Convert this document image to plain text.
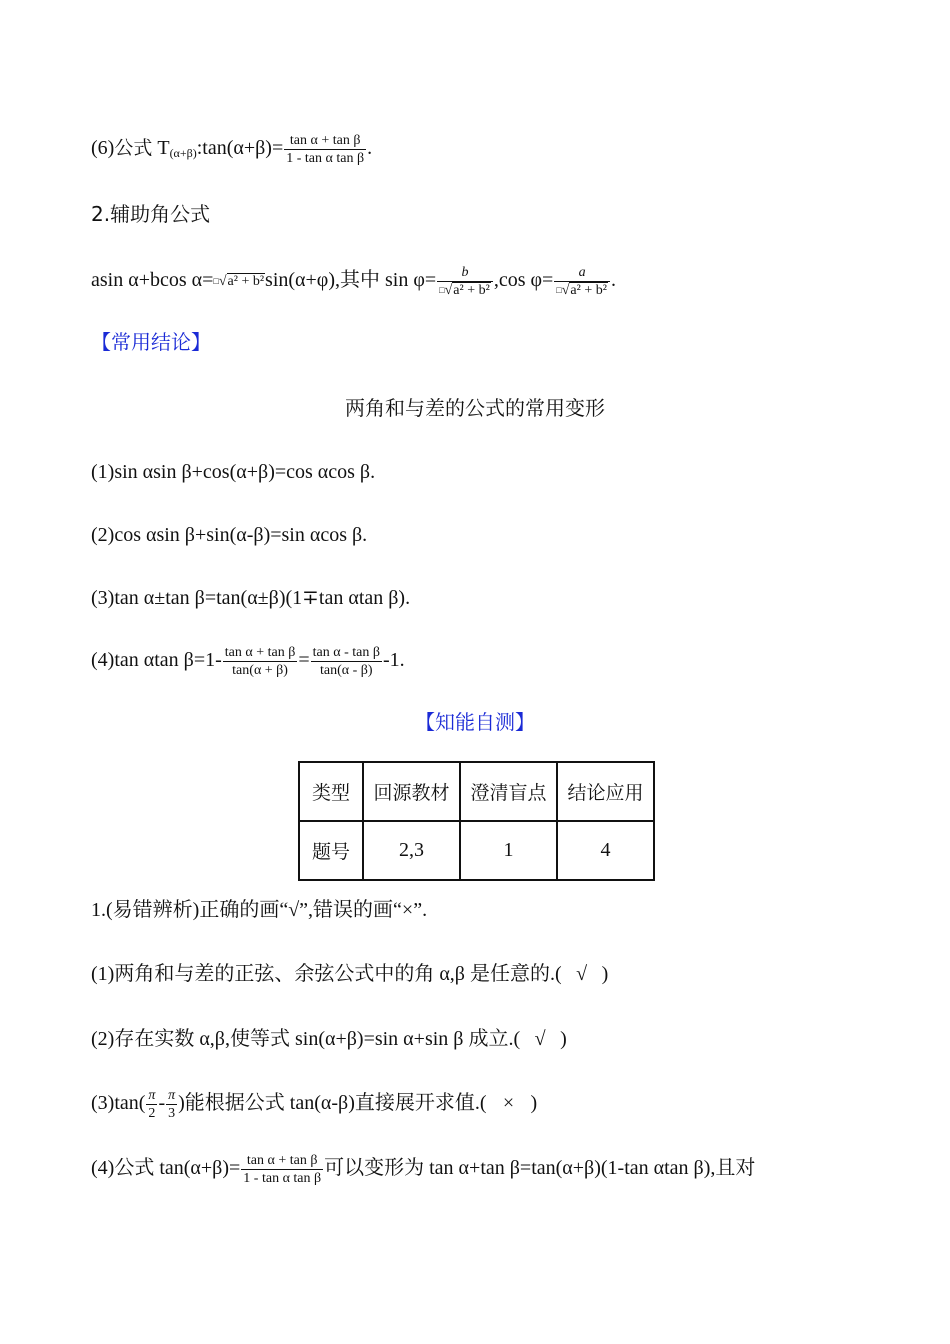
(6)公式 $T_{(\alpha+\beta)}:\tan(\alpha+\beta)= \frac{\text{tan α + tan β}}{\text{1 - tan α tan β}}$ .
2.辅助角公式
asin α+bcos α=□√a² + b²sin(α+φ),其中 $\sin \varphi= \frac{b}{^□√a^2 + b^2} ,\cos$ $\varphi= \frac{a}{^□√a^2 + b^2}$ .
【常用结论】
两角和与差的公式的常用变形
(1)sin αsin β+cos(α+β)=cos αcos β.
(2)cos αsin β+sin(α-β)=sin αcos β.
(3)tan α±tan β=tan(α±β)(1∓tan αtan β).
(4)tan αtan $\beta=1- \frac{\text{tan α + tan β}}{\tan(\alpha + \beta)} = \frac{\text{tan α - tan β}}{\tan(\alpha - \beta)} -1$.
【知能自测】
类型	回源教材	澄清盲点	结论应用
题号	2,3	1	4
1.(易错辨析)正确的画“√”,错误的画“×”.
(1)两角和与差的正弦、余弦公式中的角 α,β 是任意的.( √ )
(2)存在实数 α,β,使等式 sin(α+β)=sin α+sin β 成立.( √ )
$(3)\tan( \frac{\pi}{2} - \frac{\pi}{3}$ )能根据公式 tan(α-β)直接展开求值.( × )
(4)公式 $\tan(\alpha+\beta)= \frac{\text{tan α + tan β}}{\text{1 - tan α tan β}}$ 可以变形为 tan α+tan β=tan(α+β)(1-tan αtan β),且对
